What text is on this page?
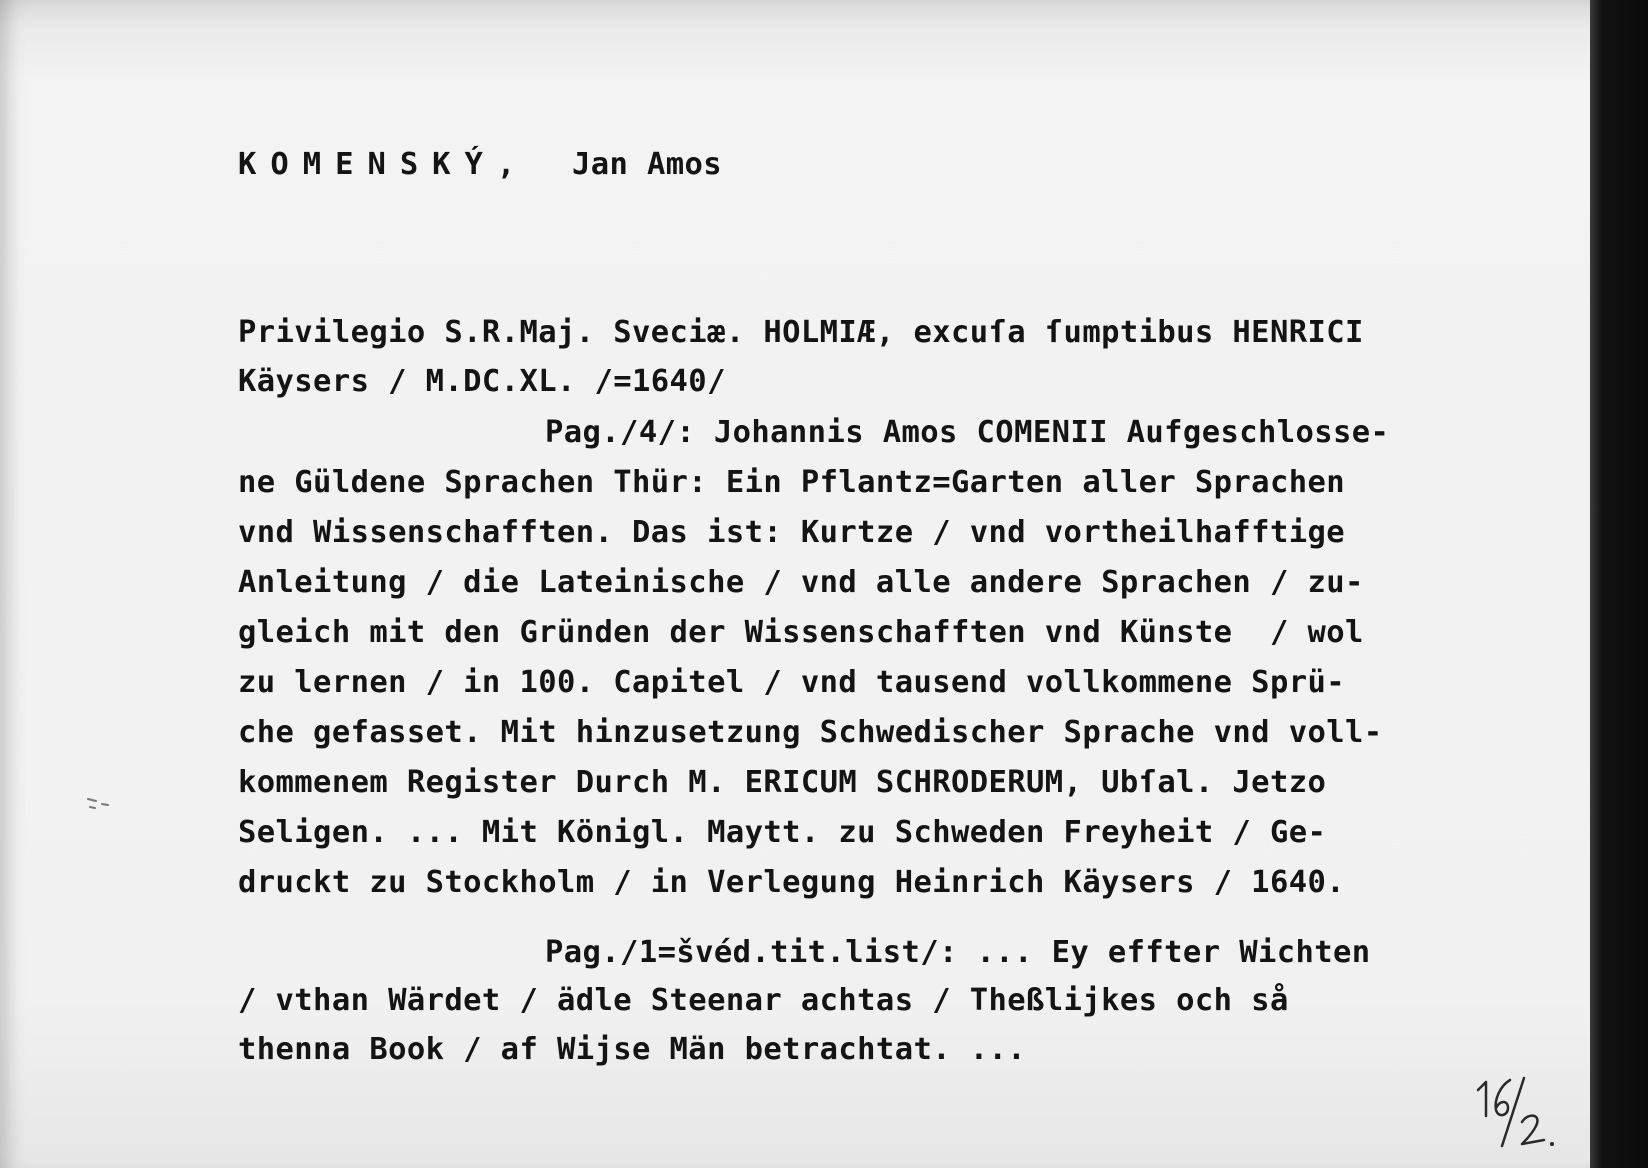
KOMENSKÝ, Jan Amos
Privilegio S.R.Maj. Sveciæ. HOLMIÆ, excuſa ſumptibus HENRICI
Käysers / M.DC.XL. /=1640/
Pag./4/: Johannis Amos COMENII Aufgeschlosse-
ne Güldene Sprachen Thür: Ein Pflantz=Garten aller Sprachen
vnd Wissenschafften. Das ist: Kurtze / vnd vortheilhafftige
Anleitung / die Lateinische / vnd alle andere Sprachen / zu-
gleich mit den Gründen der Wissenschafften vnd Künste  / wol
zu lernen / in 100. Capitel / vnd tausend vollkommene Sprü-
che gefasset. Mit hinzusetzung Schwedischer Sprache vnd voll-
kommenem Register Durch M. ERICUM SCHRODERUM, Ubſal. Jetzo
Seligen. ... Mit Königl. Maytt. zu Schweden Freyheit / Ge-
druckt zu Stockholm / in Verlegung Heinrich Käysers / 1640.
Pag./1=švéd.tit.list/: ... Ey effter Wichten
/ vthan Wärdet / ädle Steenar achtas / Theßlijkes och så
thenna Book / af Wijse Män betrachtat. ...
